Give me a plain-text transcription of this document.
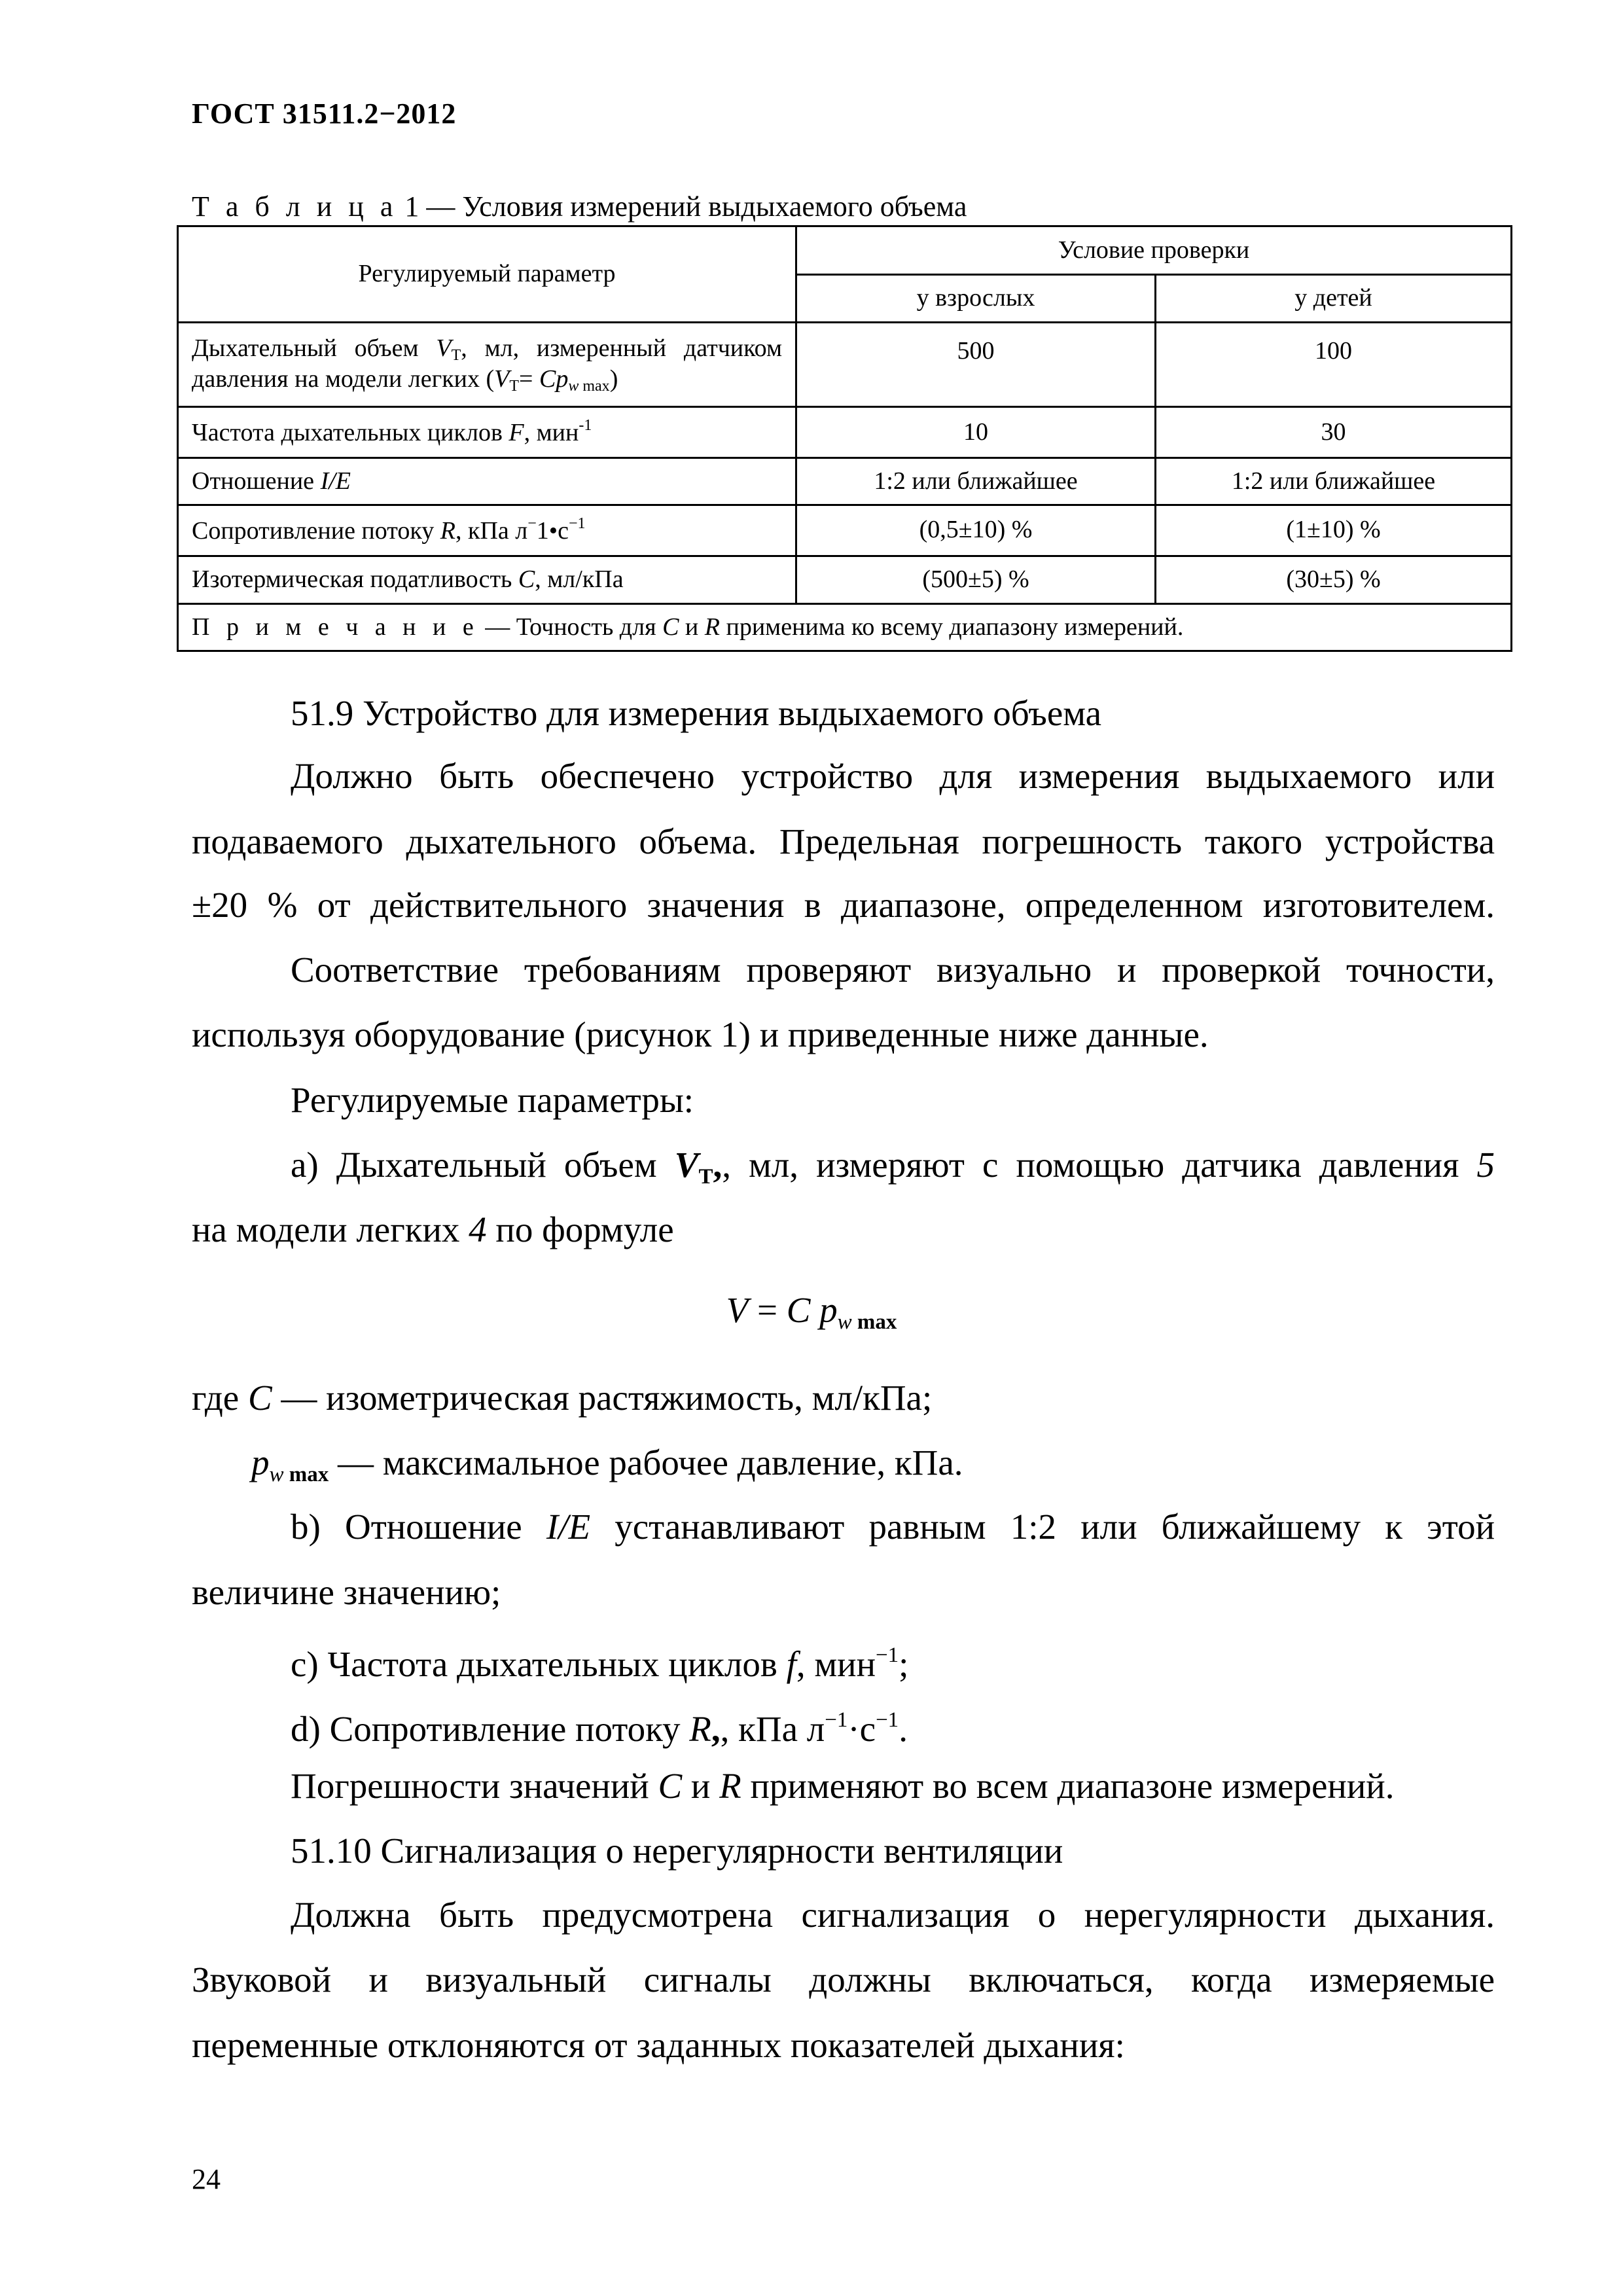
ГОСТ 31511.2−2012
Т а б л и ц а 1 — Условия измерений выдыхаемого объема
Регулируемый параметр	Условие проверки	
	у взрослых	у детей
Дыхательный объем $V_T$, мл, измеренный датчиком давления на модели легких ($V_T= Cp_w$ $_{max}$)	500	100
Частота дыхательных циклов F, мин$^{-1}$	10	30
Отношение I/E	1:2 или ближайшее	1:2 или ближайшее
Сопротивление потоку R, кПа $л^-1•с^{-1}$	(0,5±10) %	(1±10) %
Изотермическая податливость C, мл/кПа	(500±5) %	(30±5) %
П р и м е ч а н и е — Точность для C и R применима ко всему диапазону измерений.		
51.9 Устройство для измерения выдыхаемого объема
Должно быть обеспечено устройство для измерения выдыхаемого или
подаваемого дыхательного объема. Предельная погрешность такого устройства
±20 % от действительного значения в диапазоне, определенном изготовителем.
Соответствие требованиям проверяют визуально и проверкой точности,
используя оборудование (рисунок 1) и приведенные ниже данные.
Регулируемые параметры:
а) Дыхательный объем VT,, мл, измеряют с помощью датчика давления 5
на модели легких 4 по формуле
V = C pw max
где C — изометрическая растяжимость, мл/кПа;
pw max — максимальное рабочее давление, кПа.
b) Отношение I/E устанавливают равным 1:2 или ближайшему к этой
величине значению;
c) Частота дыхательных циклов f, мин$^{-1}$;
d) Сопротивление потоку R,, кПа $л^{-1}\cdot с^{-1}$.
Погрешности значений C и R применяют во всем диапазоне измерений.
51.10 Сигнализация о нерегулярности вентиляции
Должна быть предусмотрена сигнализация о нерегулярности дыхания.
Звуковой и визуальный сигналы должны включаться, когда измеряемые
переменные отклоняются от заданных показателей дыхания:
24
